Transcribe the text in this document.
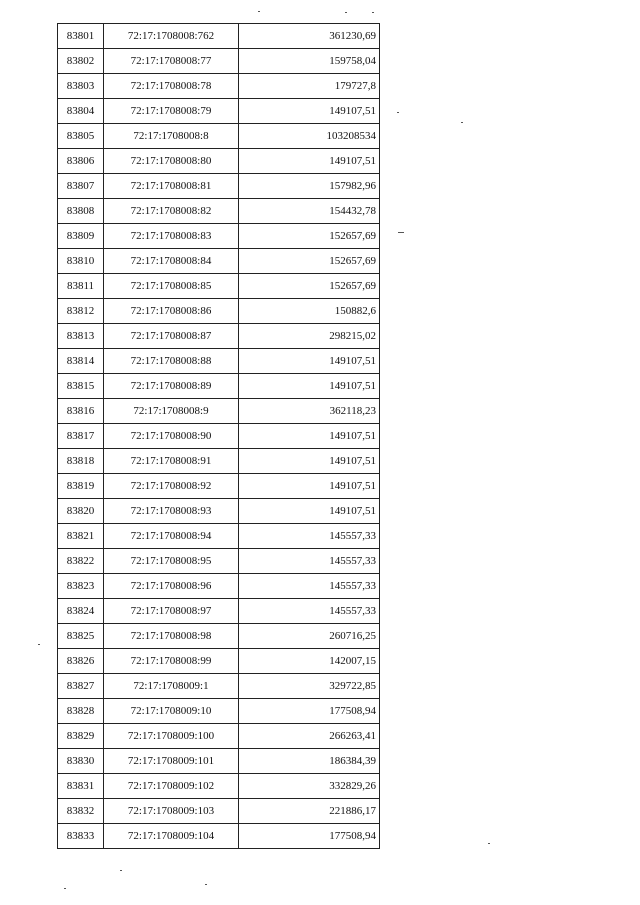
83801	72:17:1708008:762	361230,69
83802	72:17:1708008:77	159758,04
83803	72:17:1708008:78	179727,8
83804	72:17:1708008:79	149107,51
83805	72:17:1708008:8	103208534
83806	72:17:1708008:80	149107,51
83807	72:17:1708008:81	157982,96
83808	72:17:1708008:82	154432,78
83809	72:17:1708008:83	152657,69
83810	72:17:1708008:84	152657,69
83811	72:17:1708008:85	152657,69
83812	72:17:1708008:86	150882,6
83813	72:17:1708008:87	298215,02
83814	72:17:1708008:88	149107,51
83815	72:17:1708008:89	149107,51
83816	72:17:1708008:9	362118,23
83817	72:17:1708008:90	149107,51
83818	72:17:1708008:91	149107,51
83819	72:17:1708008:92	149107,51
83820	72:17:1708008:93	149107,51
83821	72:17:1708008:94	145557,33
83822	72:17:1708008:95	145557,33
83823	72:17:1708008:96	145557,33
83824	72:17:1708008:97	145557,33
83825	72:17:1708008:98	260716,25
83826	72:17:1708008:99	142007,15
83827	72:17:1708009:1	329722,85
83828	72:17:1708009:10	177508,94
83829	72:17:1708009:100	266263,41
83830	72:17:1708009:101	186384,39
83831	72:17:1708009:102	332829,26
83832	72:17:1708009:103	221886,17
83833	72:17:1708009:104	177508,94
